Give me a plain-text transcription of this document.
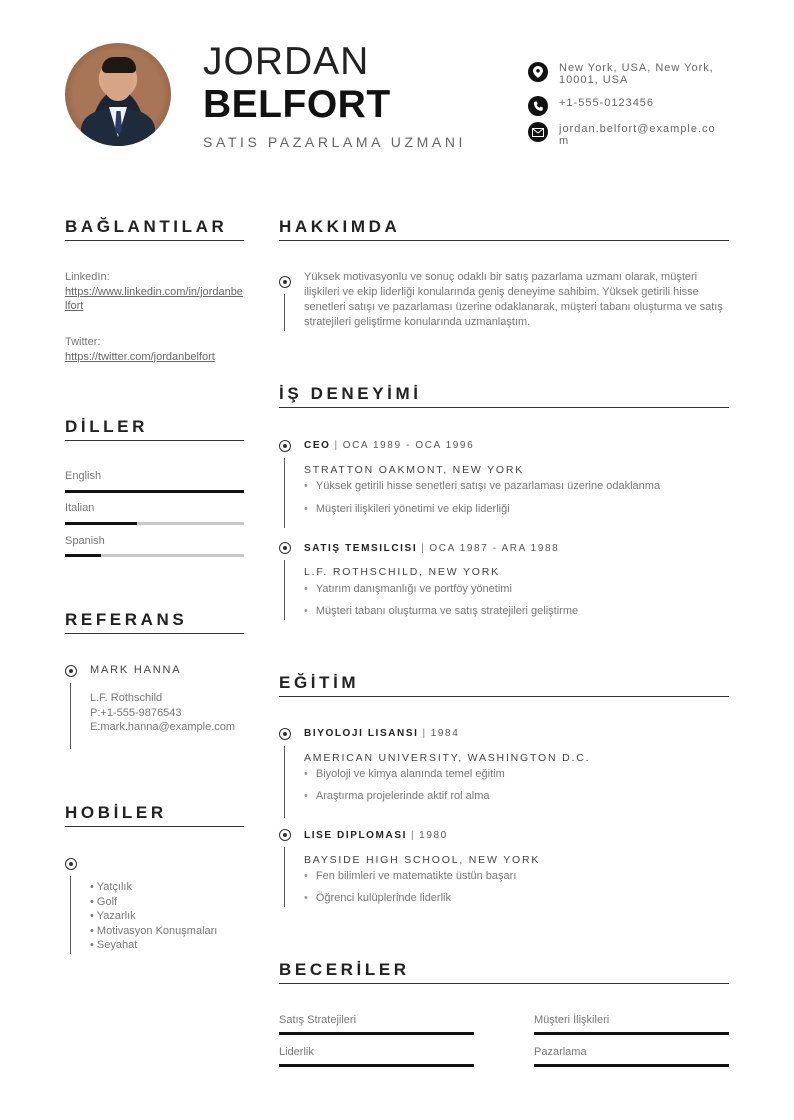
JORDAN
BELFORT
SATIS PAZARLAMA UZMANI
New York, USA, New York, 10001, USA
+1-555-0123456
jordan.belfort@example.com
BAĞLANTILAR
LinkedIn:
https://www.linkedin.com/in/jordanbelfort
Twitter:
https://twitter.com/jordanbelfort
DİLLER
English
Italian
Spanish
REFERANS
MARK HANNA
L.F. Rothschild
P:+1-555-9876543
E:mark.hanna@example.com
HOBİLER
• Yatçılık
• Golf
• Yazarlık
• Motivasyon Konuşmaları
• Seyahat
HAKKIMDA
Yüksek motivasyonlu ve sonuç odaklı bir satış pazarlama uzmanı olarak, müşteri ilişkileri ve ekip liderliği konularında geniş deneyime sahibim. Yüksek getirili hisse senetleri satışı ve pazarlaması üzerine odaklanarak, müşteri tabanı oluşturma ve satış stratejileri geliştirme konularında uzmanlaştım.
İŞ DENEYİMİ
CEO | OCA 1989 - OCA 1996
STRATTON OAKMONT, NEW YORK
• Yüksek getirili hisse senetleri satışı ve pazarlaması üzerine odaklanma
• Müşteri ilişkileri yönetimi ve ekip liderliği
SATIŞ TEMSILCISI | OCA 1987 - ARA 1988
L.F. ROTHSCHILD, NEW YORK
• Yatırım danışmanlığı ve portföy yönetimi
• Müşteri tabanı oluşturma ve satış stratejileri geliştirme
EĞİTİM
BIYOLOJI LISANSI | 1984
AMERICAN UNIVERSITY, WASHINGTON D.C.
• Biyoloji ve kimya alanında temel eğitim
• Araştırma projelerinde aktif rol alma
LISE DIPLOMASI | 1980
BAYSIDE HIGH SCHOOL, NEW YORK
• Fen bilimleri ve matematikte üstün başarı
• Öğrenci kulüplerinde liderlik
BECERİLER
Satış Stratejileri	Müşteri İlişkileri
Liderlik	Pazarlama
